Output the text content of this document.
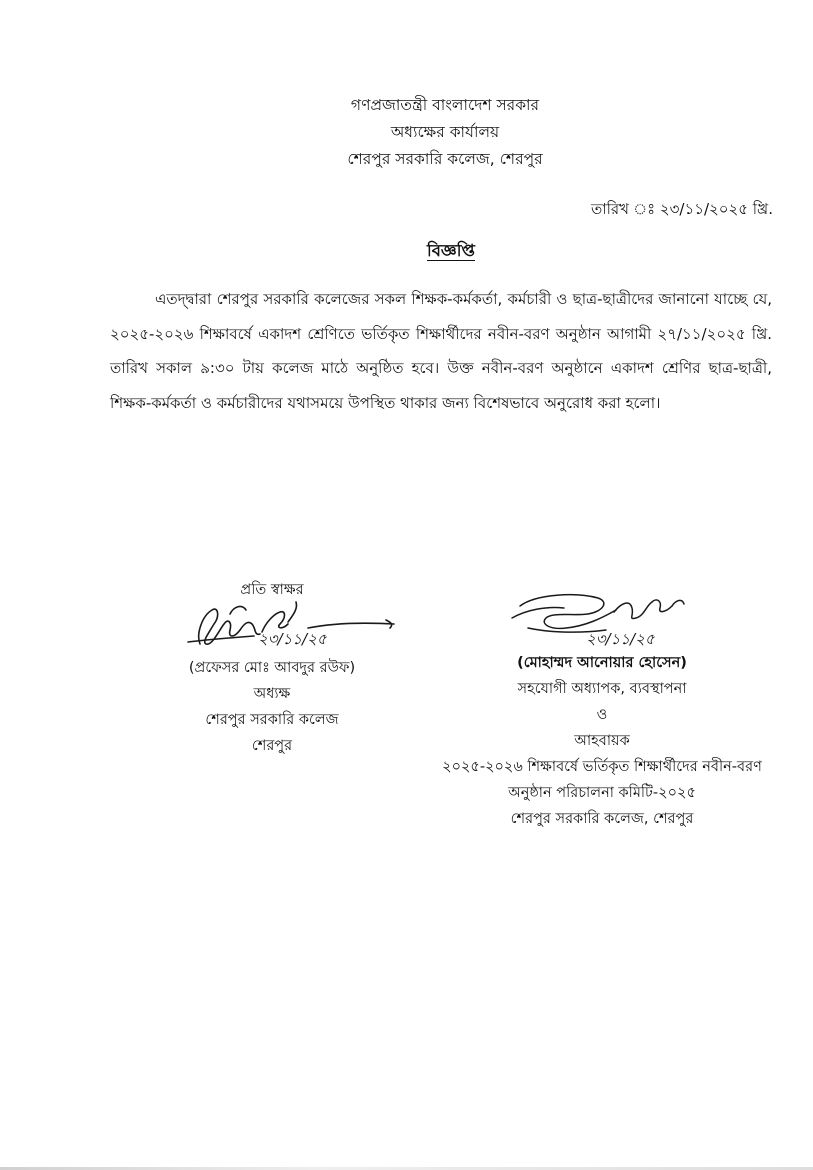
গণপ্রজাতন্ত্রী বাংলাদেশ সরকার
অধ্যক্ষের কার্যালয়
শেরপুর সরকারি কলেজ, শেরপুর
তারিখ ঃ ২৩/১১/২০২৫ খ্রি.
বিজ্ঞপ্তি
এতদ্দ্বারা শেরপুর সরকারি কলেজের সকল শিক্ষক-কর্মকর্তা, কর্মচারী ও ছাত্র-ছাত্রীদের জানানো যাচ্ছে যে, ২০২৫-২০২৬ শিক্ষাবর্ষে একাদশ শ্রেণিতে ভর্তিকৃত শিক্ষার্থীদের নবীন-বরণ অনুষ্ঠান আগামী ২৭/১১/২০২৫ খ্রি. তারিখ সকাল ৯:৩০ টায় কলেজ মাঠে অনুষ্ঠিত হবে। উক্ত নবীন-বরণ অনুষ্ঠানে একাদশ শ্রেণির ছাত্র-ছাত্রী, শিক্ষক-কর্মকর্তা ও কর্মচারীদের যথাসময়ে উপস্থিত থাকার জন্য বিশেষভাবে অনুরোধ করা হলো।
প্রতি স্বাক্ষর
(প্রফেসর মোঃ আবদুর রউফ)
অধ্যক্ষ
শেরপুর সরকারি কলেজ
শেরপুর
২৩/১১/২৫
(মোহাম্মদ আনোয়ার হোসেন)
সহযোগী অধ্যাপক, ব্যবস্থাপনা
ও
আহবায়ক
২০২৫-২০২৬ শিক্ষাবর্ষে ভর্তিকৃত শিক্ষার্থীদের নবীন-বরণ
অনুষ্ঠান পরিচালনা কমিটি-২০২৫
শেরপুর সরকারি কলেজ, শেরপুর
২৩/১১/২৫
